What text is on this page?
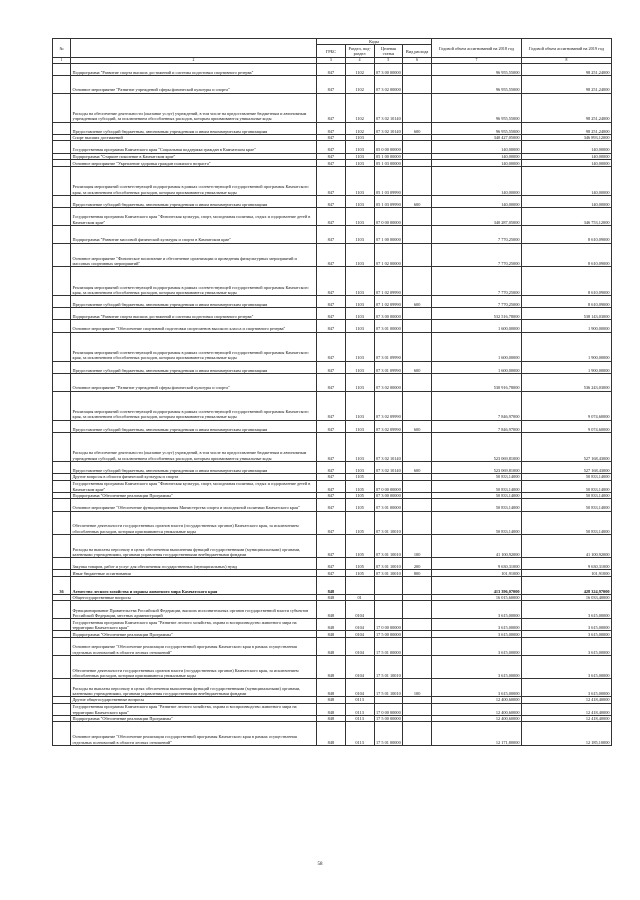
№		Коды				Годовой объем ассигнований на 2018 год	Годовой объем ассигнований на 2019 год
		ГРБС	Раздел, под-раздел	Целевая статья	Вид расхода		
1	2	3	4	5	6	7	8
	Подпрограмма "Развитие спорта высших достижений и системы подготовки спортивного резерва"	847	1102	07 3 00 00000		96 955,55000	98 251,24000
	Основное мероприятие "Развитие учреждений сферы физической культуры и спорта"	847	1102	07 3 02 00000		96 955,55000	98 251,24000
	Расходы на обеспечение деятельности (оказание услуг) учреждений, в том числе на предоставление бюджетным и автономным учреждениям субсидий, за исключением обособленных расходов, которым присваиваются уникальные коды	847	1102	07 3 02 10140		96 955,55000	98 251,24000
	Предоставление субсидий бюджетным, автономным учреждениям и иным некоммерческим организациям	847	1102	07 3 02 10140	600	96 955,55000	98 251,24000
	Спорт высших достижений	847	1103			340 427,05000	346 893,12000
	Государственная программа Камчатского края "Социальная поддержка граждан в Камчатском крае"	847	1103	05 0 00 00000		140,00000	140,00000
	Подпрограмма "Старшее поколение в Камчатском крае"	847	1103	05 1 00 00000		140,00000	140,00000
	Основное мероприятие "Укрепление здоровья граждан пожилого возраста"	847	1103	05 1 03 00000		140,00000	140,00000
	Реализация мероприятий соответствующей подпрограммы в рамках соответствующей государственной программы Камчатского края, за исключением обособленных расходов, которым присваиваются уникальные коды	847	1103	05 1 03 09990		140,00000	140,00000
	Предоставление субсидий бюджетным, автономным учреждениям и иным некоммерческим организациям	847	1103	05 1 03 09990	600	140,00000	140,00000
	Государственная программа Камчатского края "Физическая культура, спорт, молодежная политика, отдых и оздоровление детей в Камчатском крае"	847	1103	07 0 00 00000		340 287,05000	346 753,12000
	Подпрограмма "Развитие массовой физической культуры и спорта в Камчатском крае"	847	1103	07 1 00 00000		7 770,25000	8 610,09000
	Основное мероприятие "Физическое воспитание и обеспечение организации и проведения физкультурных мероприятий и массовых спортивных мероприятий"	847	1103	07 1 02 00000		7 770,25000	8 610,09000
	Реализация мероприятий соответствующей подпрограммы в рамках соответствующей государственной программы Камчатского края, за исключением обособленных расходов, которым присваиваются уникальные коды	847	1103	07 1 02 09990		7 770,25000	8 610,09000
	Предоставление субсидий бюджетным, автономным учреждениям и иным некоммерческим организациям	847	1103	07 1 02 09990	600	7 770,25000	8 610,09000
	Подпрограмма "Развитие спорта высших достижений и системы подготовки спортивного резерва"	847	1103	07 3 00 00000		532 516,78000	538 143,03000
	Основное мероприятие "Обеспечение спортивной подготовки спортсменов высокого класса и спортивного резерва"	847	1103	07 3 01 00000		1 600,00000	1 900,00000
	Реализация мероприятий соответствующей подпрограммы в рамках соответствующей государственной программы Камчатского края, за исключением обособленных расходов, которым присваиваются уникальные коды	847	1103	07 3 01 09990		1 600,00000	1 900,00000
	Предоставление субсидий бюджетным, автономным учреждениям и иным некоммерческим организациям	847	1103	07 3 01 09990	600	1 600,00000	1 900,00000
	Основное мероприятие "Развитие учреждений сферы физической культуры и спорта"	847	1103	07 3 02 00000		530 916,78000	536 243,03000
	Реализация мероприятий соответствующей подпрограммы в рамках соответствующей государственной программы Камчатского края, за исключением обособленных расходов, которым присваиваются уникальные коды	847	1103	07 3 02 09990		7 846,97000	9 074,60000
	Предоставление субсидий бюджетным, автономным учреждениям и иным некоммерческим организациям	847	1103	07 3 02 09990	600	7 846,97000	9 074,60000
	Расходы на обеспечение деятельности (оказание услуг) учреждений, в том числе на предоставление бюджетным и автономным учреждениям субсидий, за исключением обособленных расходов, которым присваиваются уникальные коды	847	1103	07 3 02 10140		523 069,81000	527 168,43000
	Предоставление субсидий бюджетным, автономным учреждениям и иным некоммерческим организациям	847	1103	07 3 02 10140	600	523 069,81000	527 168,43000
	Другие вопросы в области физической культуры и спорта	847	1105			50 833,14000	50 833,14000
	Государственная программа Камчатского края "Физическая культура, спорт, молодежная политика, отдых и оздоровление детей в Камчатском крае"	847	1105	07 0 00 00000		50 833,14000	50 833,14000
	Подпрограмма "Обеспечение реализации Программы"	847	1105	07 3 00 00000		50 833,14000	50 833,14000
	Основное мероприятие "Обеспечение функционирования Министерства спорта и молодежной политики Камчатского края"	847	1105	07 3 01 00000		50 833,14000	50 833,14000
	Обеспечение деятельности государственных органов власти (государственных органов) Камчатского края, за исключением обособленных расходов, которым присваиваются уникальные коды	847	1105	07 3 01 10010		50 833,14000	50 833,14000
	Расходы на выплаты персоналу в целях обеспечения выполнения функций государственными (муниципальными) органами, казенными учреждениями, органами управления государственными внебюджетными фондами	847	1105	07 3 01 10010	100	41 100,92000	41 100,92000
	Закупка товаров, работ и услуг для обеспечения государственных (муниципальных) нужд	847	1105	07 3 01 10010	200	9 630,31000	9 630,31000
	Иные бюджетные ассигнования	847	1105	07 3 01 10010	800	101,91000	101,91000
36	Агентство лесного хозяйства и охраны животного мира Камчатского края	848				413 396,07000	428 324,97000
	Общегосударственные вопросы	848	01			16 015,60000	16 033,40000
	Функционирование Правительства Российской Федерации, высших исполнительных органов государственной власти субъектов Российской Федерации, местных администраций	848	0104			3 615,00000	3 615,00000
	Государственная программа Камчатского края "Развитие лесного хозяйства, охрана и воспроизводство животного мира на территории Камчатского края"	848	0104	17 0 00 00000		3 615,00000	3 615,00000
	Подпрограмма "Обеспечение реализации Программы"	848	0104	17 5 00 00000		3 615,00000	3 615,00000
	Основное мероприятие "Обеспечение реализации государственной программы Камчатского края в рамках осуществления отдельных полномочий в области лесных отношений"	848	0104	17 5 01 00000		3 615,00000	3 615,00000
	Обеспечение деятельности государственных органов власти (государственных органов) Камчатского края, за исключением обособленных расходов, которым присваиваются уникальные коды	848	0104	17 5 01 10010		3 615,00000	3 615,00000
	Расходы на выплаты персоналу в целях обеспечения выполнения функций государственными (муниципальными) органами, казенными учреждениями, органами управления государственными внебюджетными фондами	848	0104	17 5 01 10010	100	3 615,00000	3 615,00000
	Другие общегосударственные вопросы	848	0113			12 400,60000	12 418,40000
	Государственная программа Камчатского края "Развитие лесного хозяйства, охрана и воспроизводство животного мира на территории Камчатского края"	848	0113	17 0 00 00000		12 400,60000	12 418,40000
	Подпрограмма "Обеспечение реализации Программы"	848	0113	17 5 00 00000		12 400,60000	12 418,40000
	Основное мероприятие "Обеспечение реализации государственной программы Камчатского края в рамках осуществления отдельных полномочий в области лесных отношений"	848	0113	17 5 01 00000		12 171,80000	12 185,10000
58
